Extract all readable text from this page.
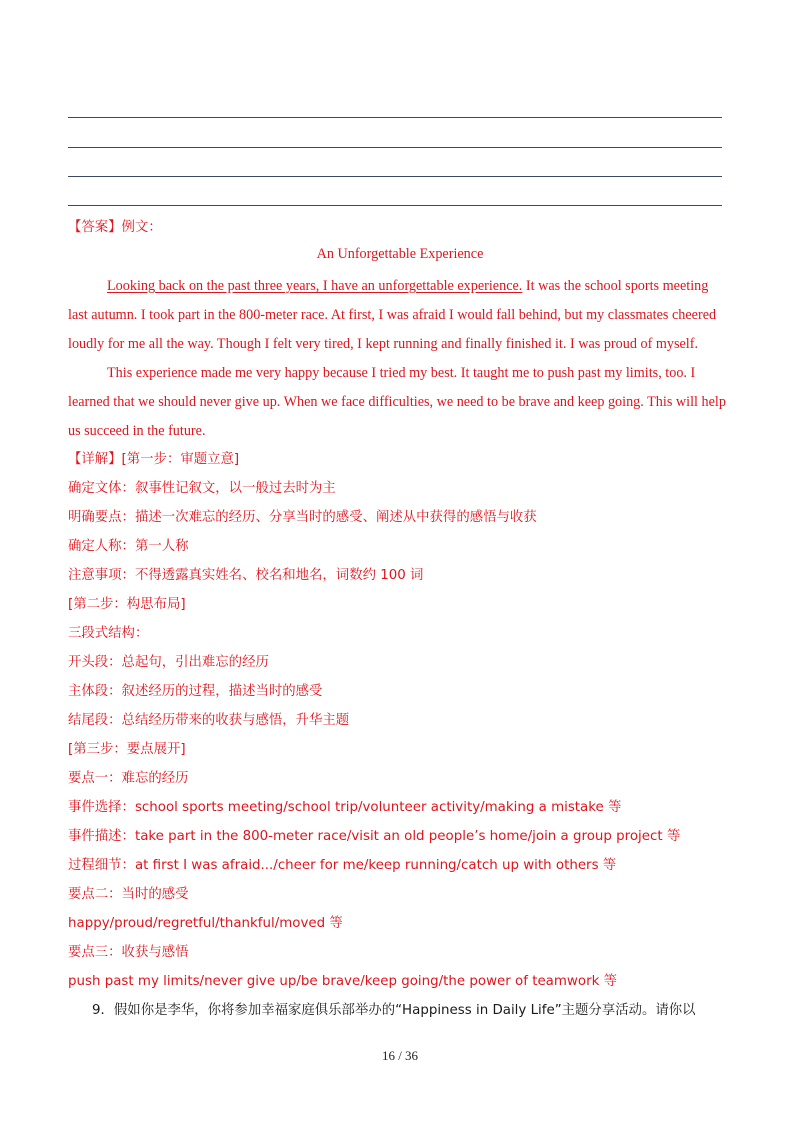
【答案】例文：
An Unforgettable Experience
Looking back on the past three years, I have an unforgettable experience. It was the school sports meeting
last autumn. I took part in the 800-meter race. At first, I was afraid I would fall behind, but my classmates cheered
loudly for me all the way. Though I felt very tired, I kept running and finally finished it. I was proud of myself.
This experience made me very happy because I tried my best. It taught me to push past my limits, too. I
learned that we should never give up. When we face difficulties, we need to be brave and keep going. This will help
us succeed in the future.
【详解】[第一步：审题立意]
确定文体：叙事性记叙文，以一般过去时为主
明确要点：描述一次难忘的经历、分享当时的感受、阐述从中获得的感悟与收获
确定人称：第一人称
注意事项：不得透露真实姓名、校名和地名，词数约 100 词
[第二步：构思布局]
三段式结构：
开头段：总起句，引出难忘的经历
主体段：叙述经历的过程，描述当时的感受
结尾段：总结经历带来的收获与感悟，升华主题
[第三步：要点展开]
要点一：难忘的经历
事件选择：school sports meeting/school trip/volunteer activity/making a mistake 等
事件描述：take part in the 800-meter race/visit an old people’s home/join a group project 等
过程细节：at first I was afraid.../cheer for me/keep running/catch up with others 等
要点二：当时的感受
happy/proud/regretful/thankful/moved 等
要点三：收获与感悟
push past my limits/never give up/be brave/keep going/the power of teamwork 等
9．假如你是李华，你将参加幸福家庭俱乐部举办的“Happiness in Daily Life”主题分享活动。请你以
16 / 36
